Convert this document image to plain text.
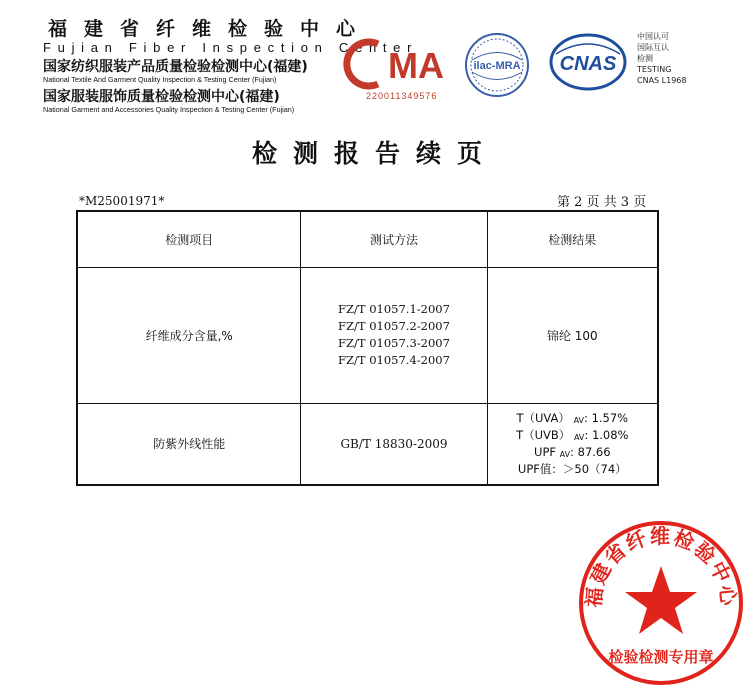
福建省纤维检验中心
Fujian Fiber Inspection Center
国家纺织服装产品质量检验检测中心(福建)
National Textile And Garment Quality Inspection & Testing Center (Fujian)
国家服装服饰质量检验检测中心(福建)
National Garment and Accessories Quality Inspection & Testing Center (Fujian)
MA
220011349576
ilac-MRA CNAS
中国认可
国际互认
检测
TESTING
CNAS L1968
检测报告续页
*M25001971*	第 2 页 共 3 页
检测项目	测试方法	检测结果
纤维成分含量,%	FZ/T 01057.1-2007
FZ/T 01057.2-2007
FZ/T 01057.3-2007
FZ/T 01057.4-2007	锦纶 100
防紫外线性能	GB/T 18830-2009	T（UVA） $_{AV}$: 1.57%
T（UVB） $_{AV}$: 1.08%
UPF $_{AV}$: 87.66
UPF值：＞50（74）
福建省纤维检验中心
检验检测专用章
